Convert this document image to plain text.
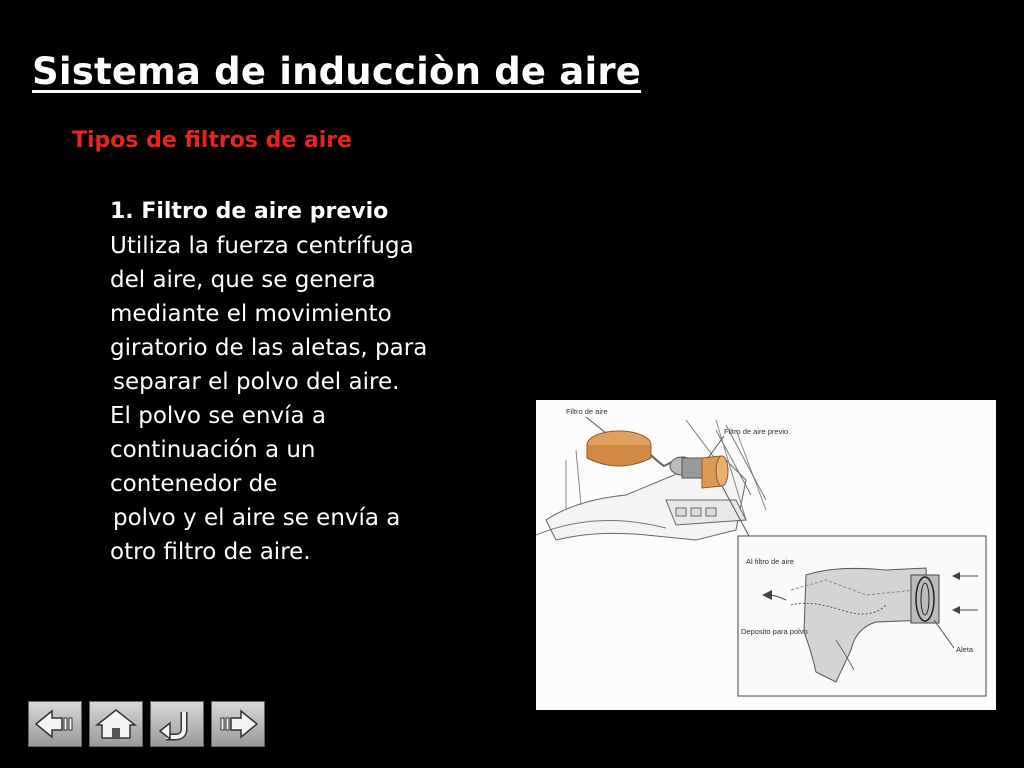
Sistema de inducciòn de aire
Tipos de filtros de aire
1. Filtro de aire previo
Utiliza la fuerza centrífuga
del aire, que se genera
mediante el movimiento
giratorio de las aletas, para
separar el polvo del aire.
El polvo se envía a
continuación a un
contenedor de
polvo y el aire se envía a
otro filtro de aire.
Filtro de aire
Filtro de aire previo
Al filtro de aire
Deposito para polvo
Aleta
